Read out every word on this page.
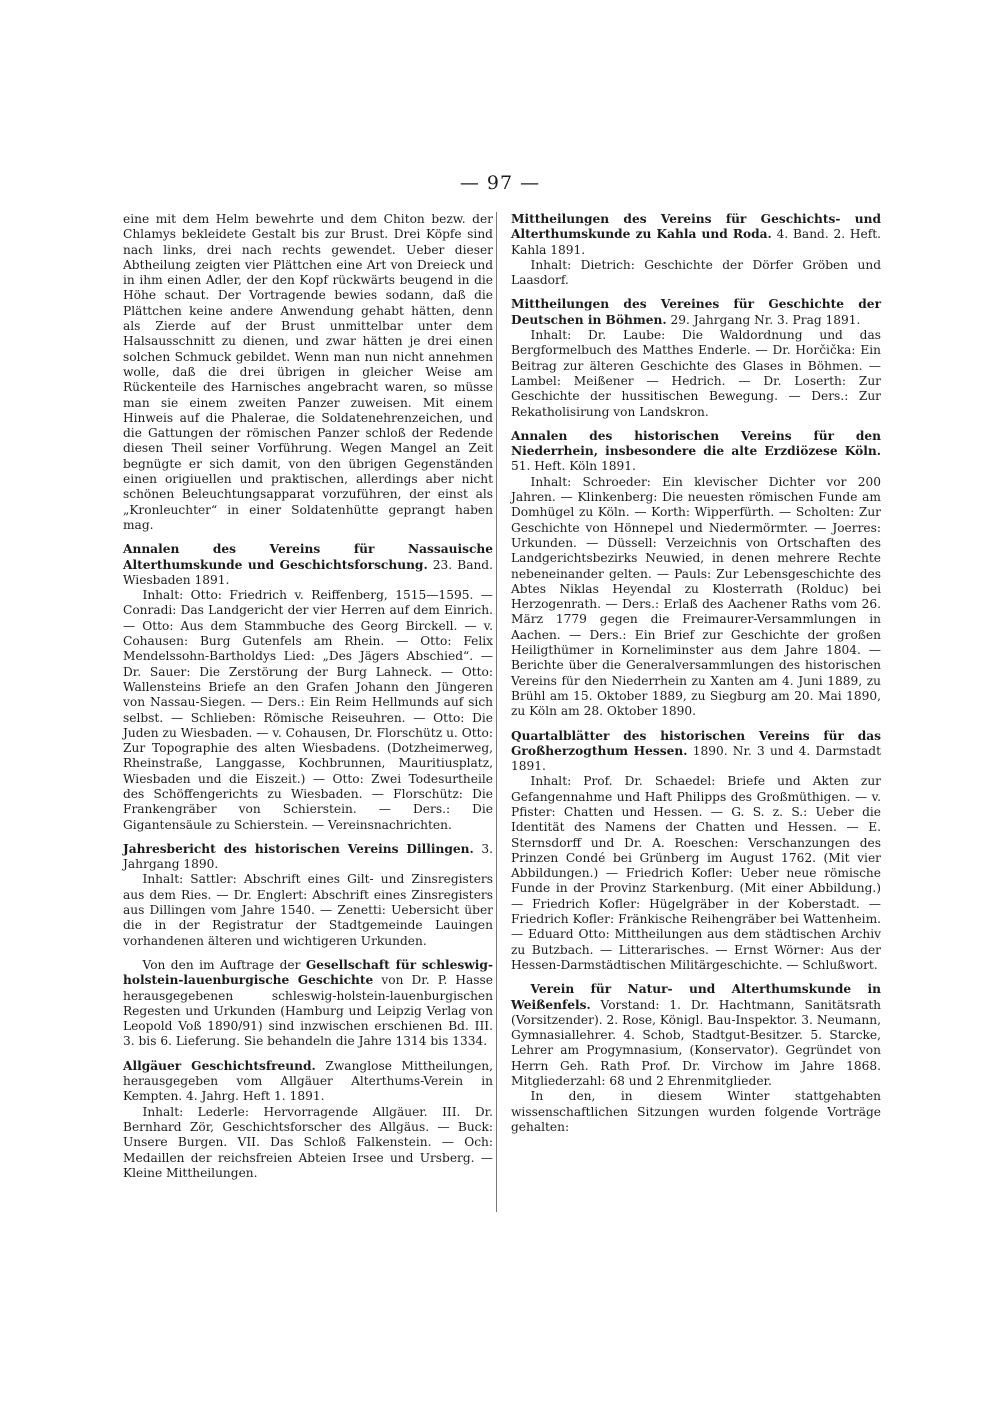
— 97 —

eine mit dem Helm bewehrte und dem Chiton bezw. der Chlamys bekleidete Gestalt bis zur Brust. Drei Köpfe sind nach links, drei nach rechts gewendet. Ueber dieser Abtheilung zeigten vier Plättchen eine Art von Dreieck und in ihm einen Adler, der den Kopf rückwärts beugend in die Höhe schaut. Der Vortragende bewies sodann, daß die Plättchen keine andere Anwendung gehabt hätten, denn als Zierde auf der Brust unmittelbar unter dem Halsausschnitt zu dienen, und zwar hätten je drei einen solchen Schmuck gebildet. Wenn man nun nicht annehmen wolle, daß die drei übrigen in gleicher Weise am Rückenteile des Harnisches angebracht waren, so müsse man sie einem zweiten Panzer zuweisen. Mit einem Hinweis auf die Phalerae, die Soldatenehrenzeichen, und die Gattungen der römischen Panzer schloß der Redende diesen Theil seiner Vorführung. Wegen Mangel an Zeit begnügte er sich damit, von den übrigen Gegenständen einen origiuellen und praktischen, allerdings aber nicht schönen Beleuchtungsapparat vorzuführen, der einst als „Kronleuchter“ in einer Soldatenhütte geprangt haben mag.

Annalen des Vereins für Nassauische Alterthumskunde und Geschichtsforschung. 23. Band. Wiesbaden 1891.

Inhalt: Otto: Friedrich v. Reiffenberg, 1515—1595. — Conradi: Das Landgericht der vier Herren auf dem Einrich. — Otto: Aus dem Stammbuche des Georg Birckell. — v. Cohausen: Burg Gutenfels am Rhein. — Otto: Felix Mendelssohn-Bartholdys Lied: „Des Jägers Abschied“. — Dr. Sauer: Die Zerstörung der Burg Lahneck. — Otto: Wallensteins Briefe an den Grafen Johann den Jüngeren von Nassau-Siegen. — Ders.: Ein Reim Hellmunds auf sich selbst. — Schlieben: Römische Reiseuhren. — Otto: Die Juden zu Wiesbaden. — v. Cohausen, Dr. Florschütz u. Otto: Zur Topographie des alten Wiesbadens. (Dotzheimerweg, Rheinstraße, Langgasse, Kochbrunnen, Mauritiusplatz, Wiesbaden und die Eiszeit.) — Otto: Zwei Todesurtheile des Schöffengerichts zu Wiesbaden. — Florschütz: Die Frankengräber von Schierstein. — Ders.: Die Gigantensäule zu Schierstein. — Vereinsnachrichten.

Jahresbericht des historischen Vereins Dillingen. 3. Jahrgang 1890.

Inhalt: Sattler: Abschrift eines Gilt- und Zinsregisters aus dem Ries. — Dr. Englert: Abschrift eines Zinsregisters aus Dillingen vom Jahre 1540. — Zenetti: Uebersicht über die in der Registratur der Stadtgemeinde Lauingen vorhandenen älteren und wichtigeren Urkunden.

Von den im Auftrage der Gesellschaft für schleswig-holstein-lauenburgische Geschichte von Dr. P. Hasse herausgegebenen schleswig-holstein-lauenburgischen Regesten und Urkunden (Hamburg und Leipzig Verlag von Leopold Voß 1890/91) sind inzwischen erschienen Bd. III. 3. bis 6. Lieferung. Sie behandeln die Jahre 1314 bis 1334.

Allgäuer Geschichtsfreund. Zwanglose Mittheilungen, herausgegeben vom Allgäuer Alterthums-Verein in Kempten. 4. Jahrg. Heft 1. 1891.

Inhalt: Lederle: Hervorragende Allgäuer. III. Dr. Bernhard Zör, Geschichtsforscher des Allgäus. — Buck: Unsere Burgen. VII. Das Schloß Falkenstein. — Och: Medaillen der reichsfreien Abteien Irsee und Ursberg. — Kleine Mittheilungen.

Mittheilungen des Vereins für Geschichts- und Alterthumskunde zu Kahla und Roda. 4. Band. 2. Heft. Kahla 1891.

Inhalt: Dietrich: Geschichte der Dörfer Gröben und Laasdorf.

Mittheilungen des Vereines für Geschichte der Deutschen in Böhmen. 29. Jahrgang Nr. 3. Prag 1891.

Inhalt: Dr. Laube: Die Waldordnung und das Bergformelbuch des Matthes Enderle. — Dr. Horčička: Ein Beitrag zur älteren Geschichte des Glases in Böhmen. — Lambel: Meißener — Hedrich. — Dr. Loserth: Zur Geschichte der hussitischen Bewegung. — Ders.: Zur Rekatholisirung von Landskron.

Annalen des historischen Vereins für den Niederrhein, insbesondere die alte Erzdiözese Köln. 51. Heft. Köln 1891.

Inhalt: Schroeder: Ein klevischer Dichter vor 200 Jahren. — Klinkenberg: Die neuesten römischen Funde am Domhügel zu Köln. — Korth: Wipperfürth. — Scholten: Zur Geschichte von Hönnepel und Niedermörmter. — Joerres: Urkunden. — Düssell: Verzeichnis von Ortschaften des Landgerichtsbezirks Neuwied, in denen mehrere Rechte nebeneinander gelten. — Pauls: Zur Lebensgeschichte des Abtes Niklas Heyendal zu Klosterrath (Rolduc) bei Herzogenrath. — Ders.: Erlaß des Aachener Raths vom 26. März 1779 gegen die Freimaurer-Versammlungen in Aachen. — Ders.: Ein Brief zur Geschichte der großen Heiligthümer in Korneliminster aus dem Jahre 1804. — Berichte über die Generalversammlungen des historischen Vereins für den Niederrhein zu Xanten am 4. Juni 1889, zu Brühl am 15. Oktober 1889, zu Siegburg am 20. Mai 1890, zu Köln am 28. Oktober 1890.

Quartalblätter des historischen Vereins für das Großherzogthum Hessen. 1890. Nr. 3 und 4. Darmstadt 1891.

Inhalt: Prof. Dr. Schaedel: Briefe und Akten zur Gefangennahme und Haft Philipps des Großmüthigen. — v. Pfister: Chatten und Hessen. — G. S. z. S.: Ueber die Identität des Namens der Chatten und Hessen. — E. Sternsdorff und Dr. A. Roeschen: Verschanzungen des Prinzen Condé bei Grünberg im August 1762. (Mit vier Abbildungen.) — Friedrich Kofler: Ueber neue römische Funde in der Provinz Starkenburg. (Mit einer Abbildung.) — Friedrich Kofler: Hügelgräber in der Koberstadt. — Friedrich Kofler: Fränkische Reihengräber bei Wattenheim. — Eduard Otto: Mittheilungen aus dem städtischen Archiv zu Butzbach. — Litterarisches. — Ernst Wörner: Aus der Hessen-Darmstädtischen Militärgeschichte. — Schlußwort.

Verein für Natur- und Alterthumskunde in Weißenfels. Vorstand: 1. Dr. Hachtmann, Sanitätsrath (Vorsitzender). 2. Rose, Königl. Bau-Inspektor. 3. Neumann, Gymnasiallehrer. 4. Schob, Stadtgut-Besitzer. 5. Starcke, Lehrer am Progymnasium, (Konservator). Gegründet von Herrn Geh. Rath Prof. Dr. Virchow im Jahre 1868. Mitgliederzahl: 68 und 2 Ehrenmitglieder.

In den, in diesem Winter stattgehabten wissenschaftlichen Sitzungen wurden folgende Vorträge gehalten:
